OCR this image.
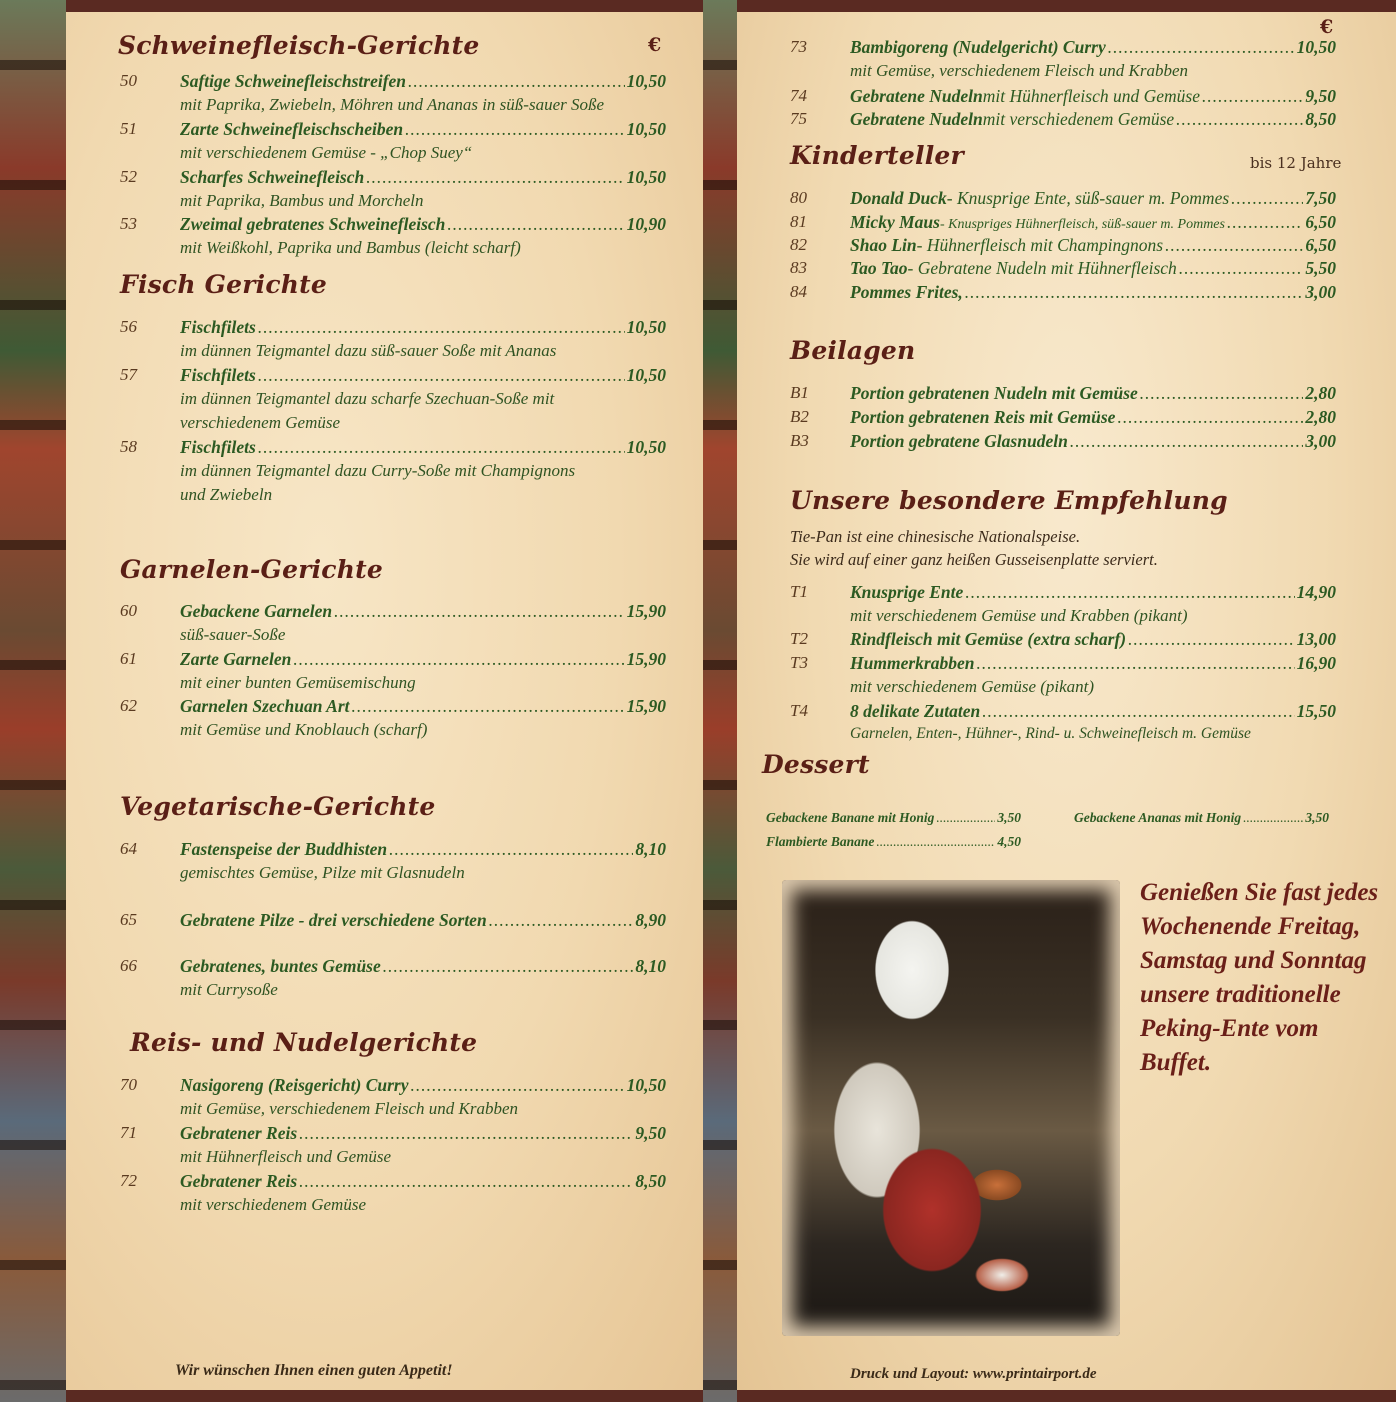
Schweinefleisch-Gerichte	€
50	Saftige Schweinefleischstreifen .....	10,50
mit Paprika, Zwiebeln, Möhren und Ananas in süß-sauer Soße
51	Zarte Schweinefleischscheiben .....	10,50
mit verschiedenem Gemüse - „Chop Suey“
52	Scharfes Schweinefleisch .....	10,50
mit Paprika, Bambus und Morcheln
53	Zweimal gebratenes Schweinefleisch .....	10,90
mit Weißkohl, Paprika und Bambus (leicht scharf)
Fisch Gerichte
56	Fischfilets .....	10,50
im dünnen Teigmantel dazu süß-sauer Soße mit Ananas
57	Fischfilets .....	10,50
im dünnen Teigmantel dazu scharfe Szechuan-Soße mit
verschiedenem Gemüse
58	Fischfilets .....	10,50
im dünnen Teigmantel dazu Curry-Soße mit Champignons
und Zwiebeln
Garnelen-Gerichte
60	Gebackene Garnelen .....	15,90
süß-sauer-Soße
61	Zarte Garnelen .....	15,90
mit einer bunten Gemüsemischung
62	Garnelen Szechuan Art .....	15,90
mit Gemüse und Knoblauch (scharf)
Vegetarische-Gerichte
64	Fastenspeise der Buddhisten .....	8,10
gemischtes Gemüse, Pilze mit Glasnudeln
65	Gebratene Pilze - drei verschiedene Sorten .....	8,90
66	Gebratenes, buntes Gemüse .....	8,10
mit Currysoße
Reis- und Nudelgerichte
70	Nasigoreng (Reisgericht) Curry .....	10,50
mit Gemüse, verschiedenem Fleisch und Krabben
71	Gebratener Reis .....	9,50
mit Hühnerfleisch und Gemüse
72	Gebratener Reis .....	8,50
mit verschiedenem Gemüse
Wir wünschen Ihnen einen guten Appetit!
€
73	Bambigoreng (Nudelgericht) Curry .....	10,50
mit Gemüse, verschiedenem Fleisch und Krabben
74	Gebratene Nudeln mit Hühnerfleisch und Gemüse .....	9,50
75	Gebratene Nudeln mit verschiedenem Gemüse .....	8,50
Kinderteller	bis 12 Jahre
80	Donald Duck - Knusprige Ente, süß-sauer m. Pommes .....	7,50
81	Micky Maus - Knuspriges Hühnerfleisch, süß-sauer m. Pommes .....	6,50
82	Shao Lin - Hühnerfleisch mit Champingnons .....	6,50
83	Tao Tao - Gebratene Nudeln mit Hühnerfleisch .....	5,50
84	Pommes Frites, .....	3,00
Beilagen
B1	Portion gebratenen Nudeln mit Gemüse .....	2,80
B2	Portion gebratenen Reis mit Gemüse .....	2,80
B3	Portion gebratene Glasnudeln .....	3,00
Unsere besondere Empfehlung
Tie-Pan ist eine chinesische Nationalspeise.
Sie wird auf einer ganz heißen Gusseisenplatte serviert.
T1	Knusprige Ente .....	14,90
mit verschiedenem Gemüse und Krabben (pikant)
T2	Rindfleisch mit Gemüse (extra scharf) .....	13,00
T3	Hummerkrabben .....	16,90
mit verschiedenem Gemüse (pikant)
T4	8 delikate Zutaten .....	15,50
Garnelen, Enten-, Hühner-, Rind- u. Schweinefleisch m. Gemüse
Dessert
Gebackene Banane mit Honig .....	3,50	Gebackene Ananas mit Honig .....	3,50
Flambierte Banane .....	4,50

Genießen Sie fast jedes Wochenende Freitag, Samstag und Sonntag unsere traditionelle Peking-Ente vom Buffet.

Druck und Layout: www.printairport.de
